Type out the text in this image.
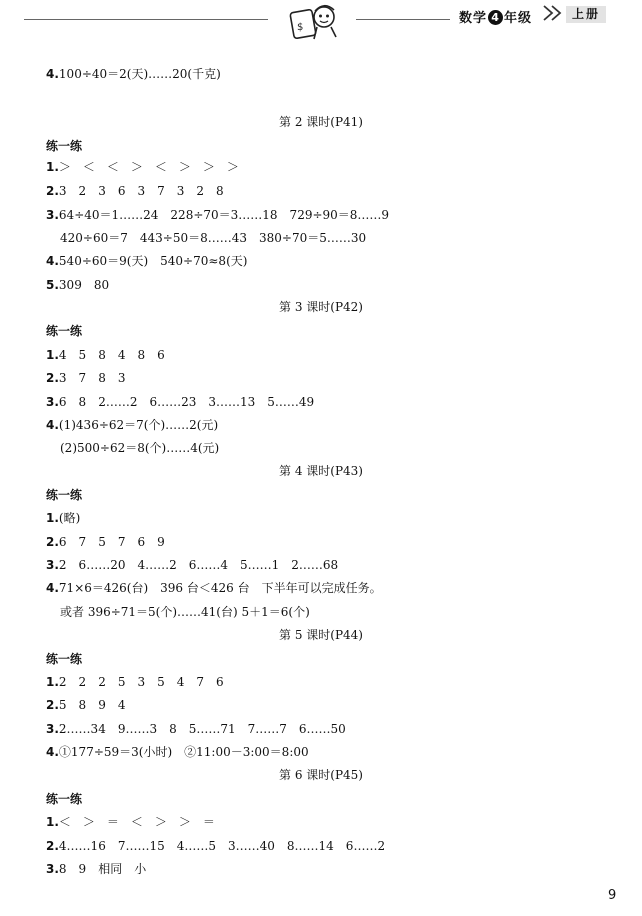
$
数学 4 年级	上册
4.100÷40＝2(天)……20(千克)
第 2 课时(P41)
练一练
1.＞　＜　＜　＞　＜　＞　＞　＞
2.3　2　3　6　3　7　3　2　8
3.64÷40＝1……24　228÷70＝3……18　729÷90＝8……9
420÷60＝7　443÷50＝8……43　380÷70＝5……30
4.540÷60＝9(天)　540÷70≈8(天)
5.309　80
第 3 课时(P42)
练一练
1.4　5　8　4　8　6
2.3　7　8　3
3.6　8　2……2　6……23　3……13　5……49
4.(1)436÷62＝7(个)……2(元)
(2)500÷62＝8(个)……4(元)
第 4 课时(P43)
练一练
1.(略)
2.6　7　5　7　6　9
3.2　6……20　4……2　6……4　5……1　2……68
4.71×6＝426(台)　396 台＜426 台　下半年可以完成任务。
或者 396÷71＝5(个)……41(台) 5＋1＝6(个)
第 5 课时(P44)
练一练
1.2　2　2　5　3　5　4　7　6
2.5　8　9　4
3.2……34　9……3　8　5……71　7……7　6……50
4.①177÷59＝3(小时)　②11:00－3:00＝8:00
第 6 课时(P45)
练一练
1.＜　＞　＝　＜　＞　＞　＝
2.4……16　7……15　4……5　3……40　8……14　6……2
3.8　9　相同　小
9
